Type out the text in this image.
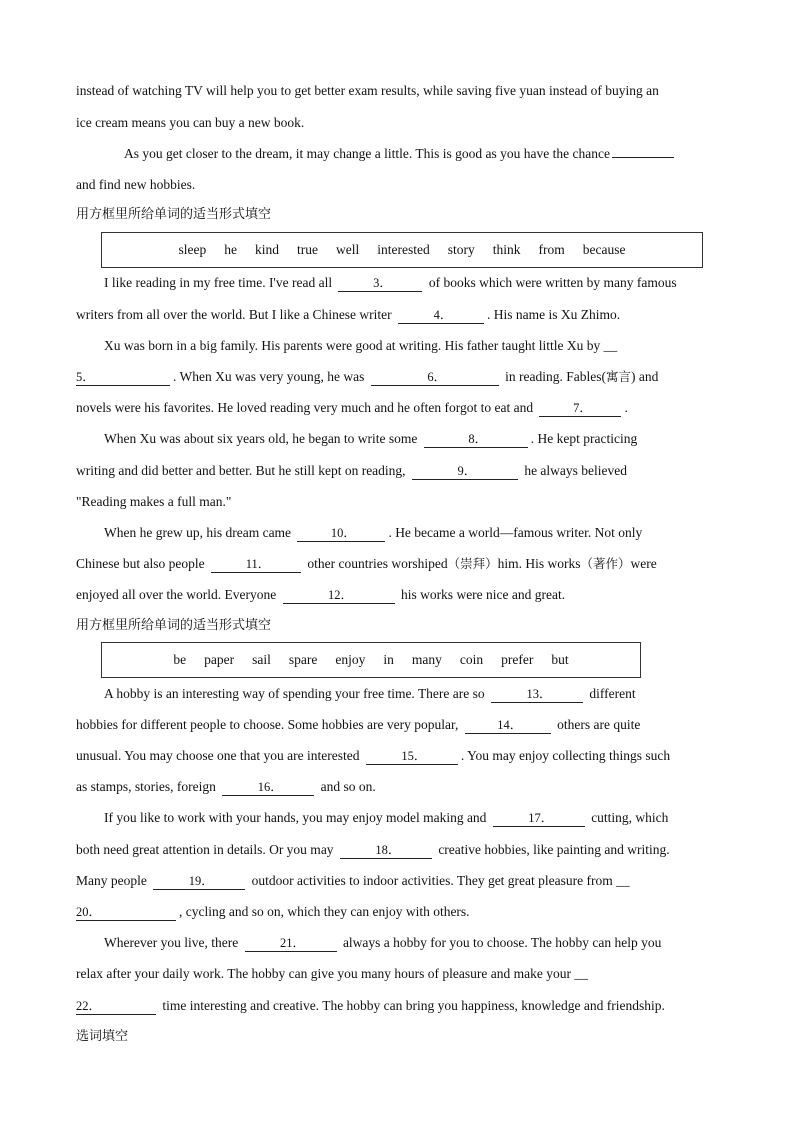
instead of watching TV will help you to get better exam results, while saving five yuan instead of buying an
ice cream means you can buy a new book.
As you get closer to the dream, it may change a little. This is good as you have the chance
and find new hobbies.
用方框里所给单词的适当形式填空
sleep he kind true well interested story think from because
I like reading in my free time. I've read all	3．	of books which were written by many famous
writers from all over the world. But I like a Chinese writer	4．	. His name is Xu Zhimo.
Xu was born in a big family. His parents were good at writing. His father taught little Xu by __
5．	. When Xu was very young, he was	6．	in reading. Fables(寓言) and
novels were his favorites. He loved reading very much and he often forgot to eat and	7． .
When Xu was about six years old, he began to write some	8．	. He kept practicing
writing and did better and better. But he still kept on reading,	9．	he always believed
"Reading makes a full man."
When he grew up, his dream came	10． . He became a world—famous writer. Not only
Chinese but also people	11．	other countries worshiped（崇拜）him. His works（著作）were
enjoyed all over the world. Everyone	12．	his works were nice and great.
用方框里所给单词的适当形式填空
be paper sail spare enjoy in many coin prefer but
A hobby is an interesting way of spending your free time. There are so	13．	different
hobbies for different people to choose. Some hobbies are very popular,	14．	others are quite
unusual. You may choose one that you are interested	15．	. You may enjoy collecting things such
as stamps, stories, foreign	16．	and so on.
If you like to work with your hands, you may enjoy model making and	17．	cutting, which
both need great attention in details. Or you may	18．	creative hobbies, like painting and writing.
Many people	19．	outdoor activities to indoor activities. They get great pleasure from __
20．	, cycling and so on, which they can enjoy with others.
Wherever you live, there	21．	always a hobby for you to choose. The hobby can help you
relax after your daily work. The hobby can give you many hours of pleasure and make your __
22．	time interesting and creative. The hobby can bring you happiness, knowledge and friendship.
选词填空
